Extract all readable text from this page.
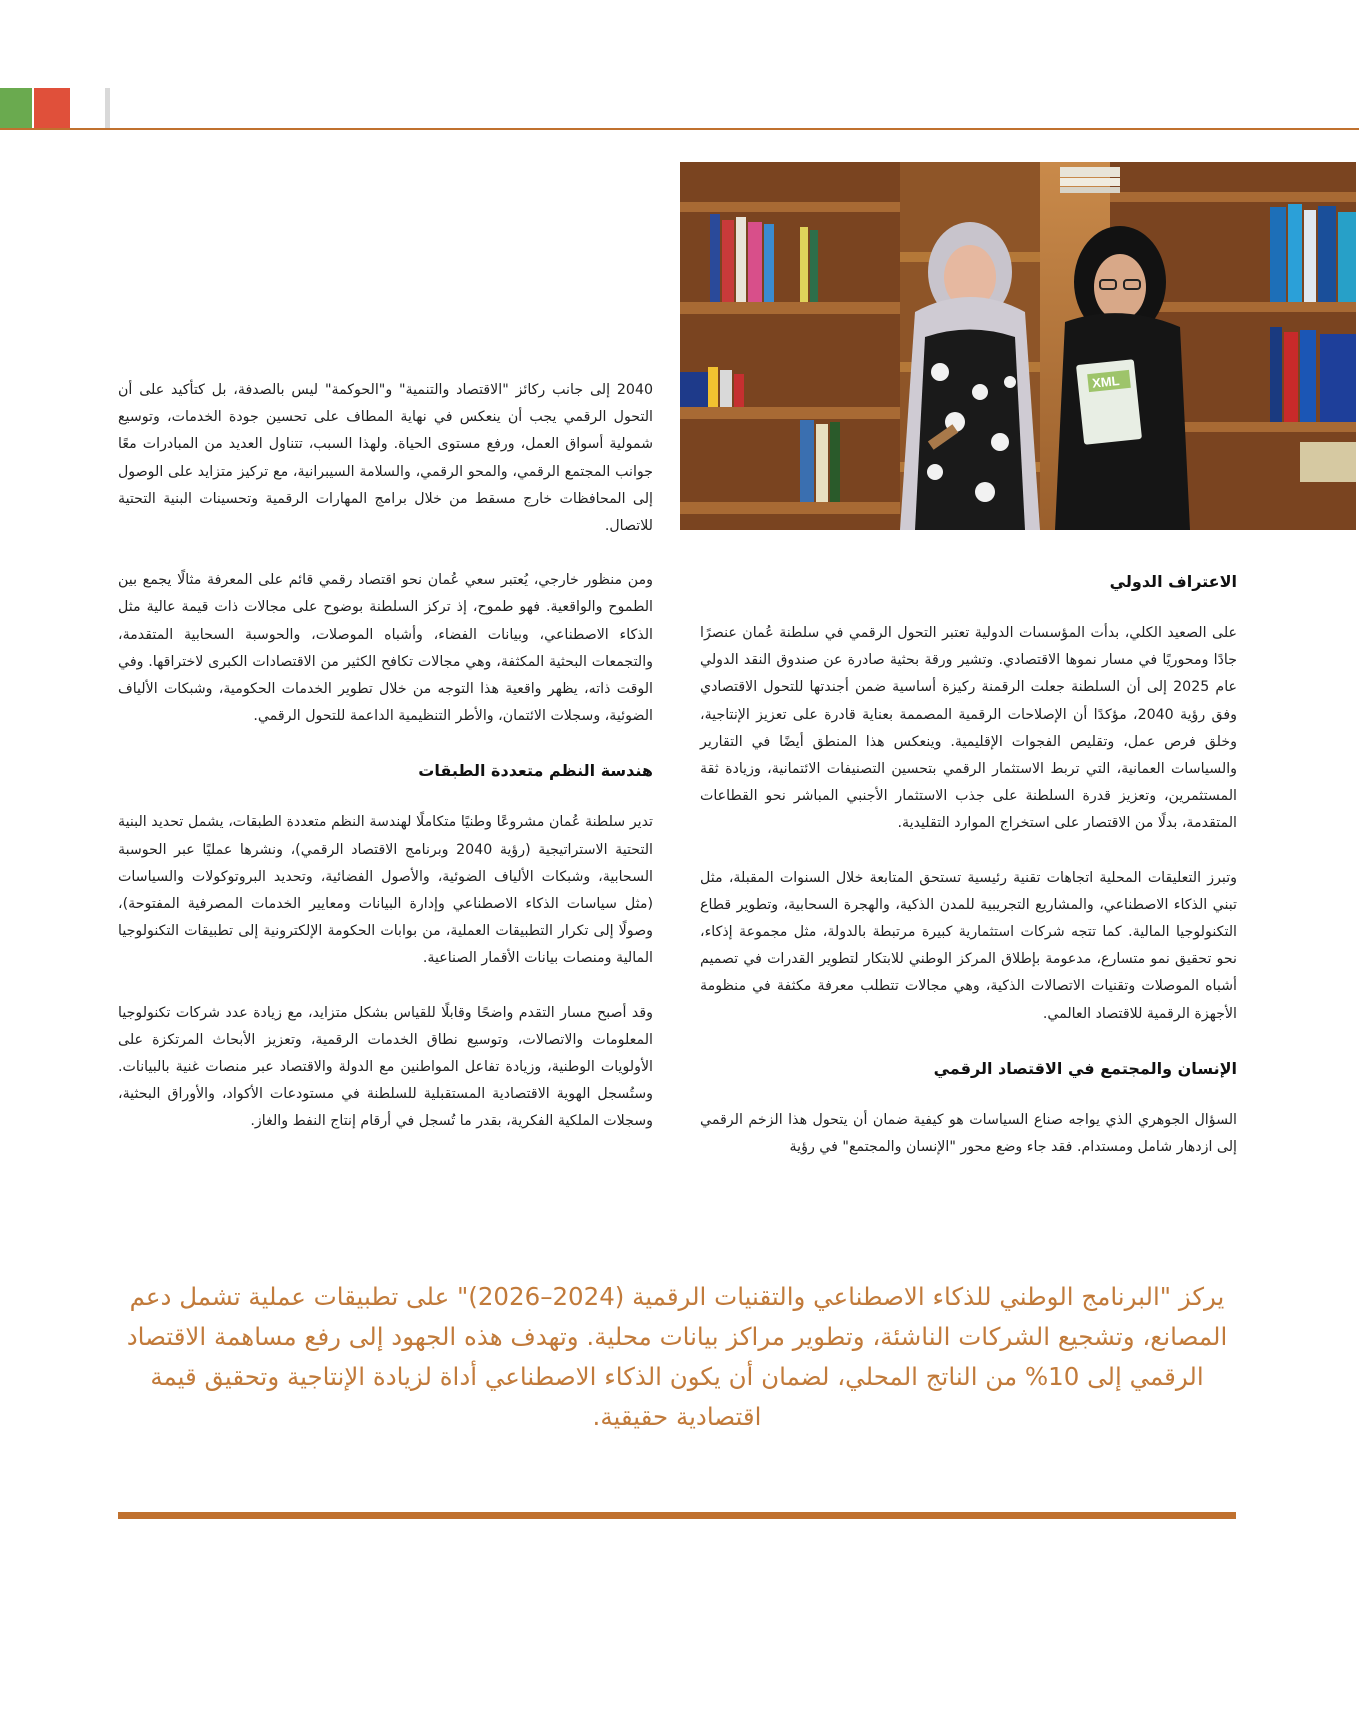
XML

2040 إلى جانب ركائز "الاقتصاد والتنمية" و"الحوكمة" ليس بالصدفة، بل كتأكيد على أن التحول الرقمي يجب أن ينعكس في نهاية المطاف على تحسين جودة الخدمات، وتوسيع شمولية أسواق العمل، ورفع مستوى الحياة. ولهذا السبب، تتناول العديد من المبادرات معًا جوانب المجتمع الرقمي، والمحو الرقمي، والسلامة السيبرانية، مع تركيز متزايد على الوصول إلى المحافظات خارج مسقط من خلال برامج المهارات الرقمية وتحسينات البنية التحتية للاتصال.

ومن منظور خارجي، يُعتبر سعي عُمان نحو اقتصاد رقمي قائم على المعرفة مثالًا يجمع بين الطموح والواقعية. فهو طموح، إذ تركز السلطنة بوضوح على مجالات ذات قيمة عالية مثل الذكاء الاصطناعي، وبيانات الفضاء، وأشباه الموصلات، والحوسبة السحابية المتقدمة، والتجمعات البحثية المكثفة، وهي مجالات تكافح الكثير من الاقتصادات الكبرى لاختراقها. وفي الوقت ذاته، يظهر واقعية هذا التوجه من خلال تطوير الخدمات الحكومية، وشبكات الألياف الضوئية، وسجلات الائتمان، والأطر التنظيمية الداعمة للتحول الرقمي.

هندسة النظم متعددة الطبقات

تدير سلطنة عُمان مشروعًا وطنيًا متكاملًا لهندسة النظم متعددة الطبقات، يشمل تحديد البنية التحتية الاستراتيجية (رؤية 2040 وبرنامج الاقتصاد الرقمي)، ونشرها عمليًا عبر الحوسبة السحابية، وشبكات الألياف الضوئية، والأصول الفضائية، وتحديد البروتوكولات والسياسات (مثل سياسات الذكاء الاصطناعي وإدارة البيانات ومعايير الخدمات المصرفية المفتوحة)، وصولًا إلى تكرار التطبيقات العملية، من بوابات الحكومة الإلكترونية إلى تطبيقات التكنولوجيا المالية ومنصات بيانات الأقمار الصناعية.

وقد أصبح مسار التقدم واضحًا وقابلًا للقياس بشكل متزايد، مع زيادة عدد شركات تكنولوجيا المعلومات والاتصالات، وتوسيع نطاق الخدمات الرقمية، وتعزيز الأبحاث المرتكزة على الأولويات الوطنية، وزيادة تفاعل المواطنين مع الدولة والاقتصاد عبر منصات غنية بالبيانات. وستُسجل الهوية الاقتصادية المستقبلية للسلطنة في مستودعات الأكواد، والأوراق البحثية، وسجلات الملكية الفكرية، بقدر ما تُسجل في أرقام إنتاج النفط والغاز.

الاعتراف الدولي

على الصعيد الكلي، بدأت المؤسسات الدولية تعتبر التحول الرقمي في سلطنة عُمان عنصرًا جادًا ومحوريًا في مسار نموها الاقتصادي. وتشير ورقة بحثية صادرة عن صندوق النقد الدولي عام 2025 إلى أن السلطنة جعلت الرقمنة ركيزة أساسية ضمن أجندتها للتحول الاقتصادي وفق رؤية 2040، مؤكدًا أن الإصلاحات الرقمية المصممة بعناية قادرة على تعزيز الإنتاجية، وخلق فرص عمل، وتقليص الفجوات الإقليمية. وينعكس هذا المنطق أيضًا في التقارير والسياسات العمانية، التي تربط الاستثمار الرقمي بتحسين التصنيفات الائتمانية، وزيادة ثقة المستثمرين، وتعزيز قدرة السلطنة على جذب الاستثمار الأجنبي المباشر نحو القطاعات المتقدمة، بدلًا من الاقتصار على استخراج الموارد التقليدية.

وتبرز التعليقات المحلية اتجاهات تقنية رئيسية تستحق المتابعة خلال السنوات المقبلة، مثل تبني الذكاء الاصطناعي، والمشاريع التجريبية للمدن الذكية، والهجرة السحابية، وتطوير قطاع التكنولوجيا المالية. كما تتجه شركات استثمارية كبيرة مرتبطة بالدولة، مثل مجموعة إذكاء، نحو تحقيق نمو متسارع، مدعومة بإطلاق المركز الوطني للابتكار لتطوير القدرات في تصميم أشباه الموصلات وتقنيات الاتصالات الذكية، وهي مجالات تتطلب معرفة مكثفة في منظومة الأجهزة الرقمية للاقتصاد العالمي.

الإنسان والمجتمع في الاقتصاد الرقمي

السؤال الجوهري الذي يواجه صناع السياسات هو كيفية ضمان أن يتحول هذا الزخم الرقمي إلى ازدهار شامل ومستدام. فقد جاء وضع محور "الإنسان والمجتمع" في رؤية

يركز "البرنامج الوطني للذكاء الاصطناعي والتقنيات الرقمية (2024–2026)" على تطبيقات عملية تشمل دعم المصانع، وتشجيع الشركات الناشئة، وتطوير مراكز بيانات محلية. وتهدف هذه الجهود إلى رفع مساهمة الاقتصاد الرقمي إلى 10% من الناتج المحلي، لضمان أن يكون الذكاء الاصطناعي أداة لزيادة الإنتاجية وتحقيق قيمة اقتصادية حقيقية.
